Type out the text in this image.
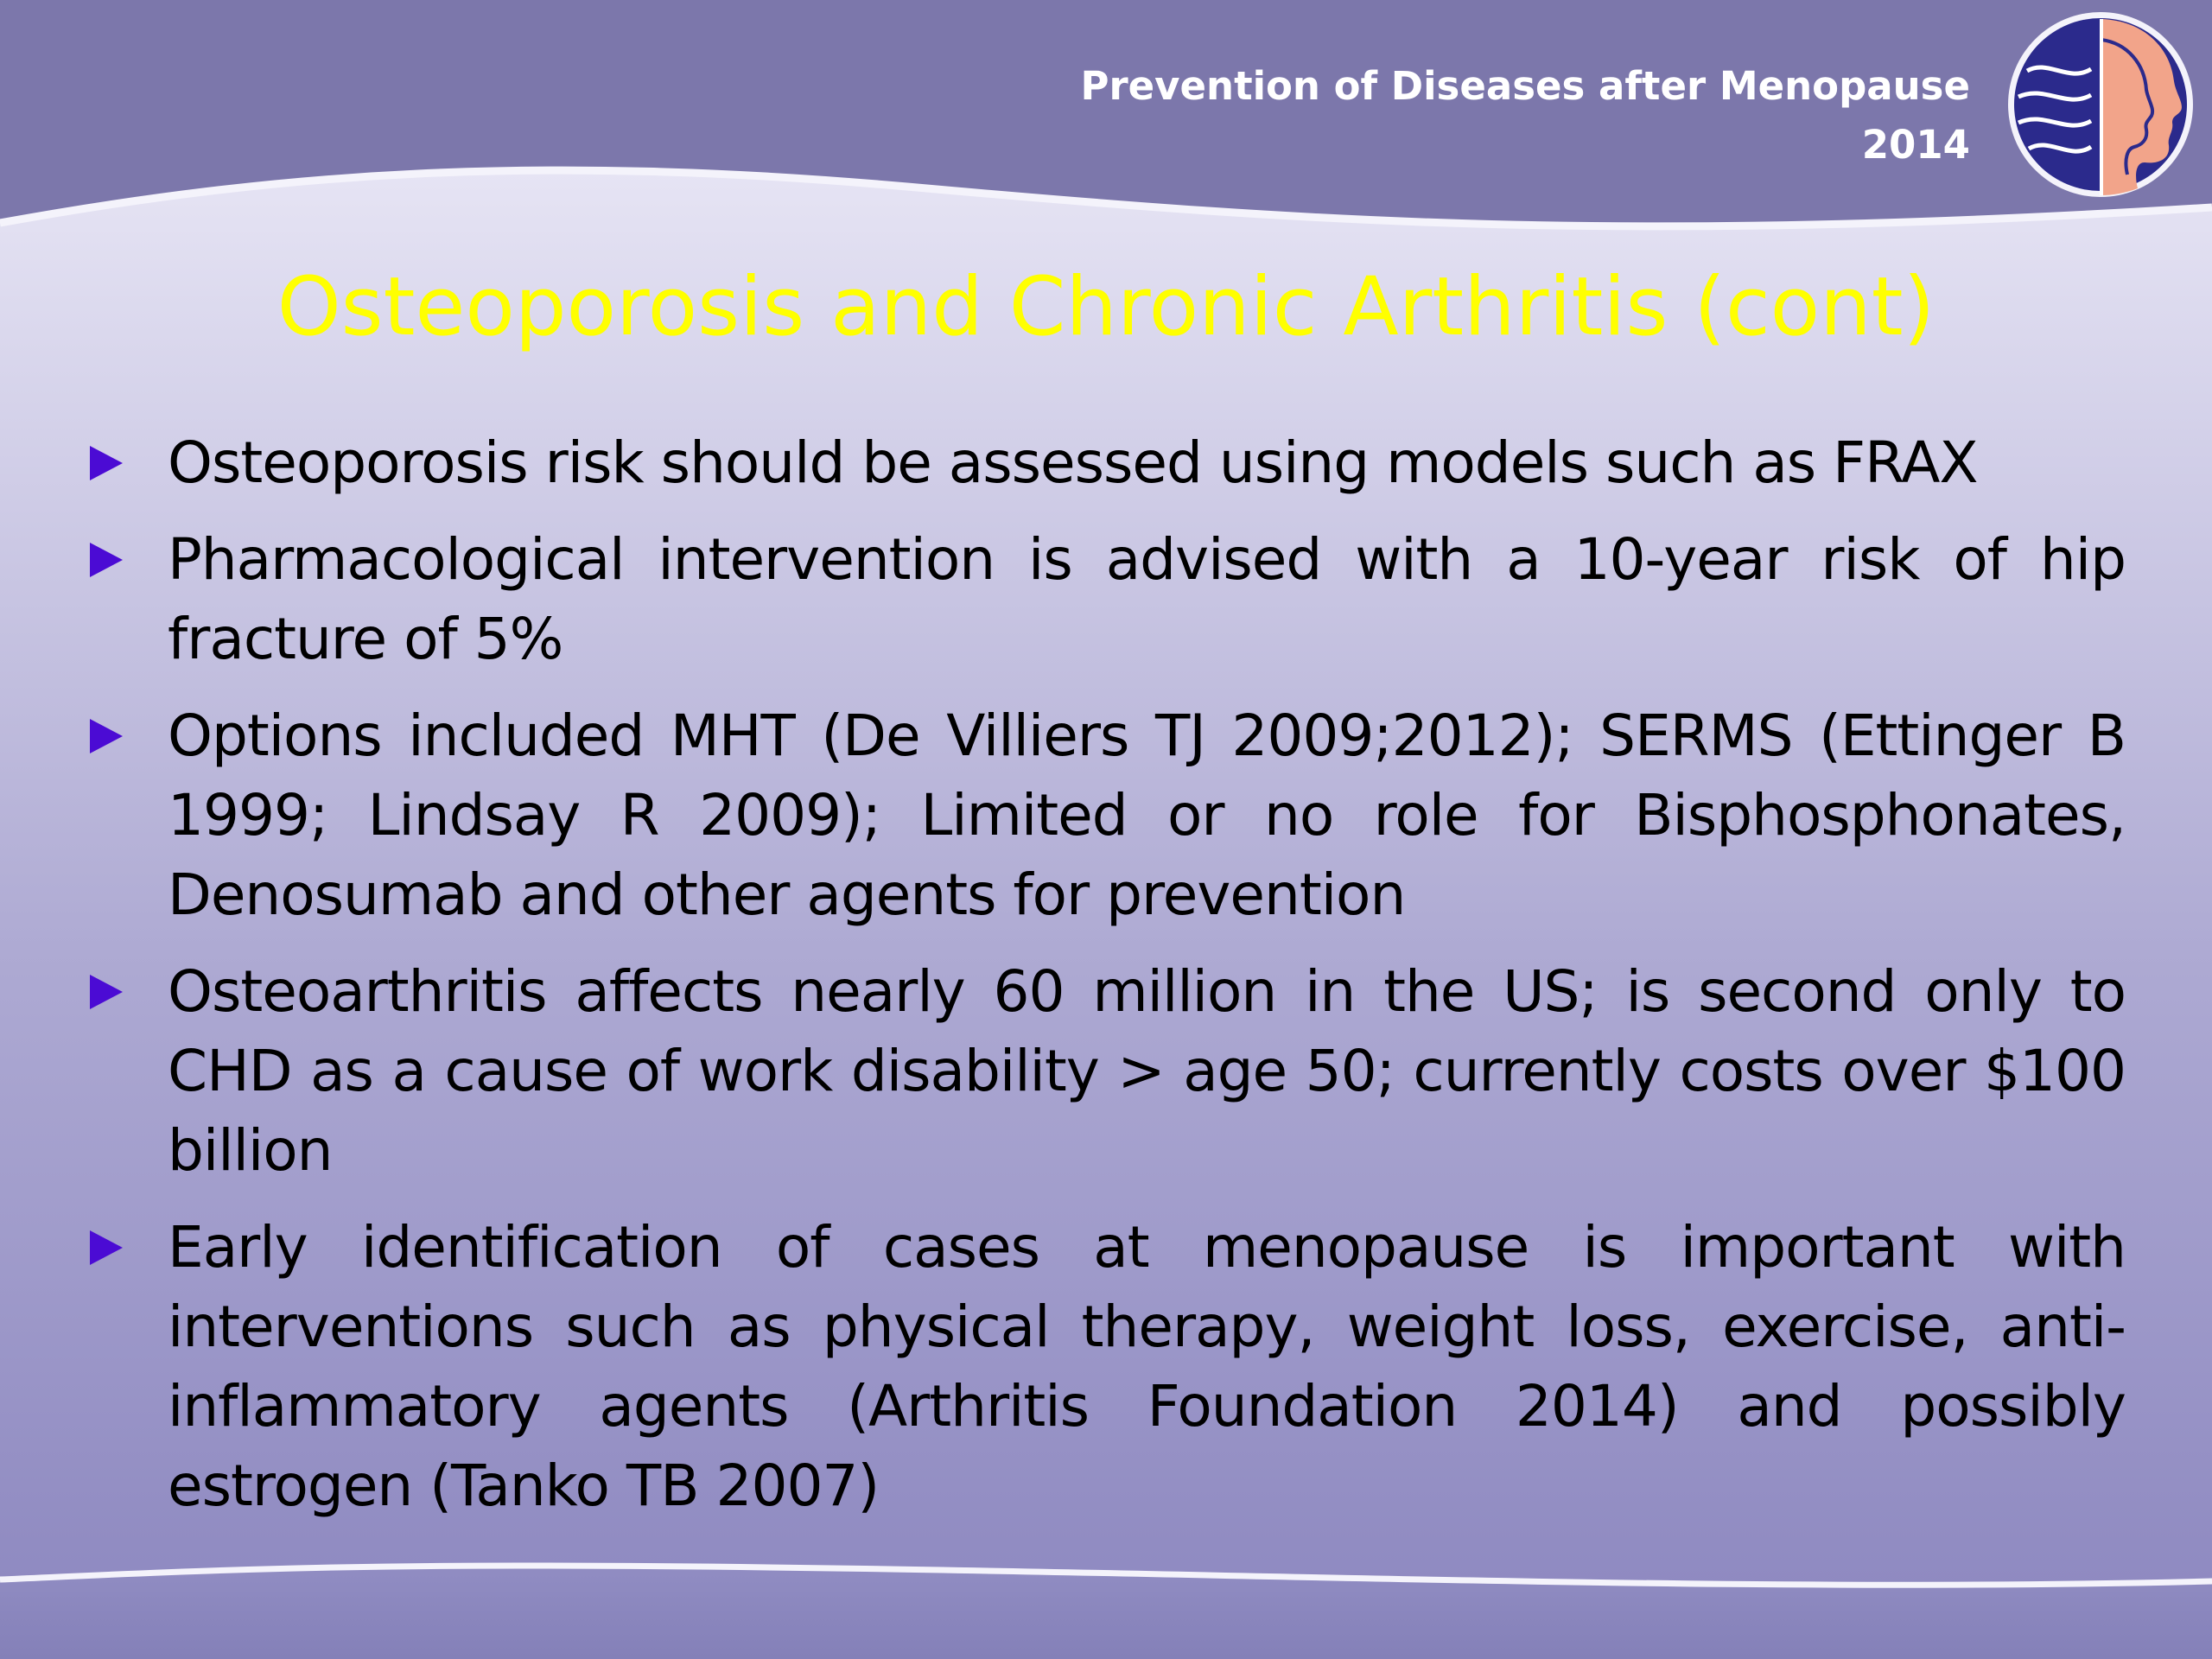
Prevention of Diseases after Menopause
2014
Osteoporosis and Chronic Arthritis (cont)
Osteoporosis risk should be assessed using models such as FRAX
Pharmacological intervention is advised with a 10-year risk of hip fracture of 5%
Options included MHT (De Villiers TJ 2009;2012); SERMS (Ettinger B 1999; Lindsay R 2009); Limited or no role for Bisphosphonates, Denosumab and other agents for prevention
Osteoarthritis affects nearly 60 million in the US; is second only to CHD as a cause of work disability > age 50; currently costs over $100 billion
Early identification of cases at menopause is important with interventions such as physical therapy, weight loss, exercise, anti-inflammatory agents (Arthritis Foundation 2014) and possibly estrogen (Tanko TB 2007)
